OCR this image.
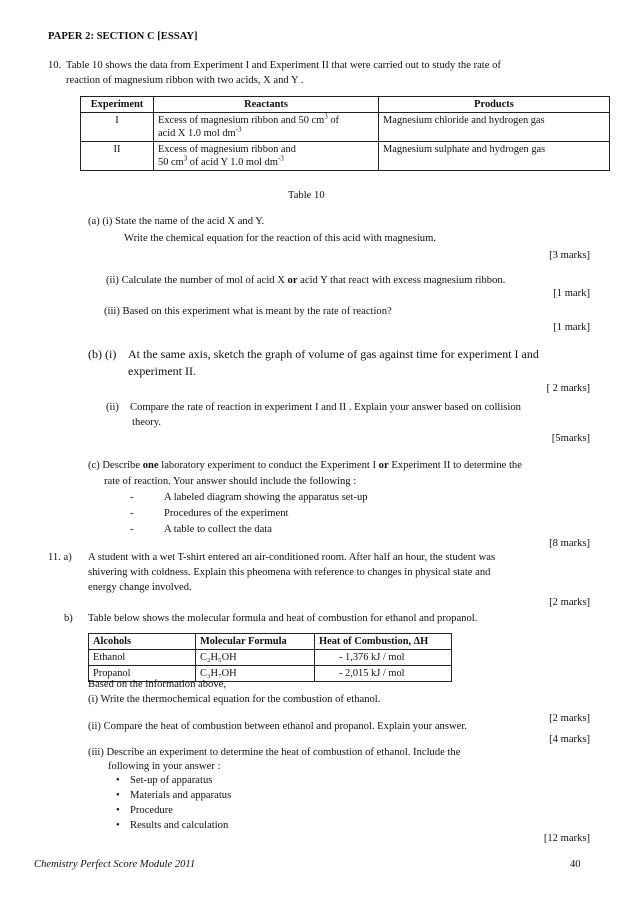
PAPER 2: SECTION C [ESSAY]
10. Table 10 shows the data from Experiment I and Experiment II that were carried out to study the rate of
reaction of magnesium ribbon with two acids, X and Y .
Experiment	Reactants	Products
I	Excess of magnesium ribbon and 50 $cm^3$ of
acid X 1.0 mol $dm^{-3}$	Magnesium chloride and hydrogen gas
II	Excess of magnesium ribbon and
50 $cm^3$ of acid Y 1.0 mol $dm^{-3}$	Magnesium sulphate and hydrogen gas
Table 10
(a) (i) State the name of the acid X and Y.
Write the chemical equation for the reaction of this acid with magnesium.
[3 marks]
(ii) Calculate the number of mol of acid X or acid Y that react with excess magnesium ribbon.
[1 mark]
(iii) Based on this experiment what is meant by the rate of reaction?
[1 mark]
(b) (i) At the same axis, sketch the graph of volume of gas against time for experiment I and
experiment II.
[ 2 marks]
(ii) Compare the rate of reaction in experiment I and II . Explain your answer based on collision
theory.
[5marks]
(c) Describe one laboratory experiment to conduct the Experiment I or Experiment II to determine the
rate of reaction. Your answer should include the following :
-	A labeled diagram showing the apparatus set-up
-	Procedures of the experiment
-	A table to collect the data
[8 marks]
11. a) A student with a wet T-shirt entered an air-conditioned room. After half an hour, the student was
shivering with coldness. Explain this pheomena with reference to changes in physical state and
energy change involved.
[2 marks]
b) Table below shows the molecular formula and heat of combustion for ethanol and propanol.
Alcohols	Molecular Formula	Heat of Combustion, ΔH
Ethanol	C₂H₅OH	- 1,376 kJ / mol
Propanol	C₃H₇OH	- 2,015 kJ / mol
Based on the information above,
(i) Write the thermochemical equation for the combustion of ethanol.
[2 marks]
(ii) Compare the heat of combustion between ethanol and propanol. Explain your answer.
[4 marks]
(iii) Describe an experiment to determine the heat of combustion of ethanol. Include the
following in your answer :
• Set-up of apparatus
• Materials and apparatus
• Procedure
• Results and calculation
[12 marks]
Chemistry Perfect Score Module 2011	40
